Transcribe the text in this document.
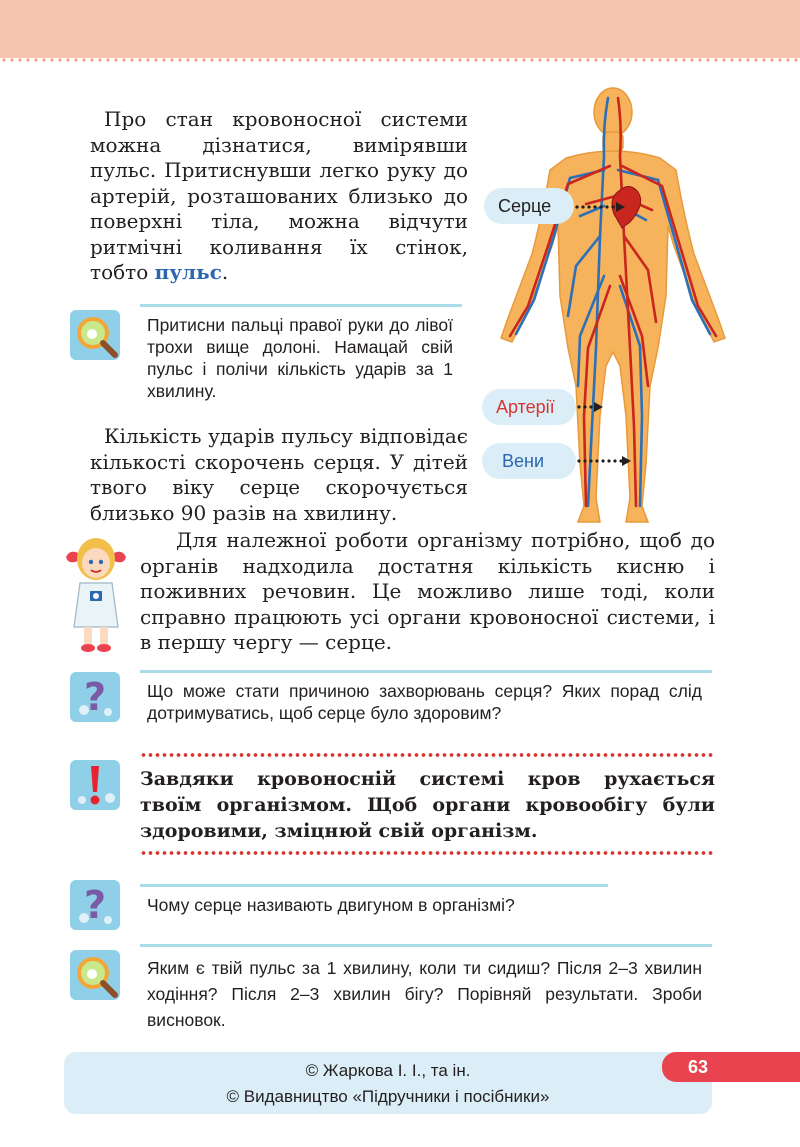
Про стан кровоносної системи можна дізнатися, вимірявши пульс. Притиснувши легко руку до артерій, розташованих близько до поверхні тіла, можна відчути ритмічні коливання їх стінок, тобто пульс.

Серце
Артерії
Вени

Притисни пальці правої руки до лівої трохи вище долоні. Намацай свій пульс і полічи кількість ударів за 1 хвилину.

Кількість ударів пульсу відповідає кількості скорочень серця. У дітей твого віку серце скорочується близько 90 разів на хвилину.

Для належної роботи організму потрібно, щоб до органів надходила достатня кількість кисню і поживних речовин. Це можливо лише тоді, коли справно працюють усі органи кровоносної системи, і в першу чергу — серце.

? Що може стати причиною захворювань серця? Яких порад слід дотримуватись, щоб серце було здоровим?

Завдяки кровоносній системі кров рухається твоїм організмом. Щоб органи кровообігу були здоровими, зміцнюй свій організм.

? Чому серце називають двигуном в організмі?

Яким є твій пульс за 1 хвилину, коли ти сидиш? Після 2–3 хвилин ходіння? Після 2–3 хвилин бігу? Порівняй результати. Зроби висновок.

© Жаркова І. І., та ін.
© Видавництво «Підручники і посібники»
63
